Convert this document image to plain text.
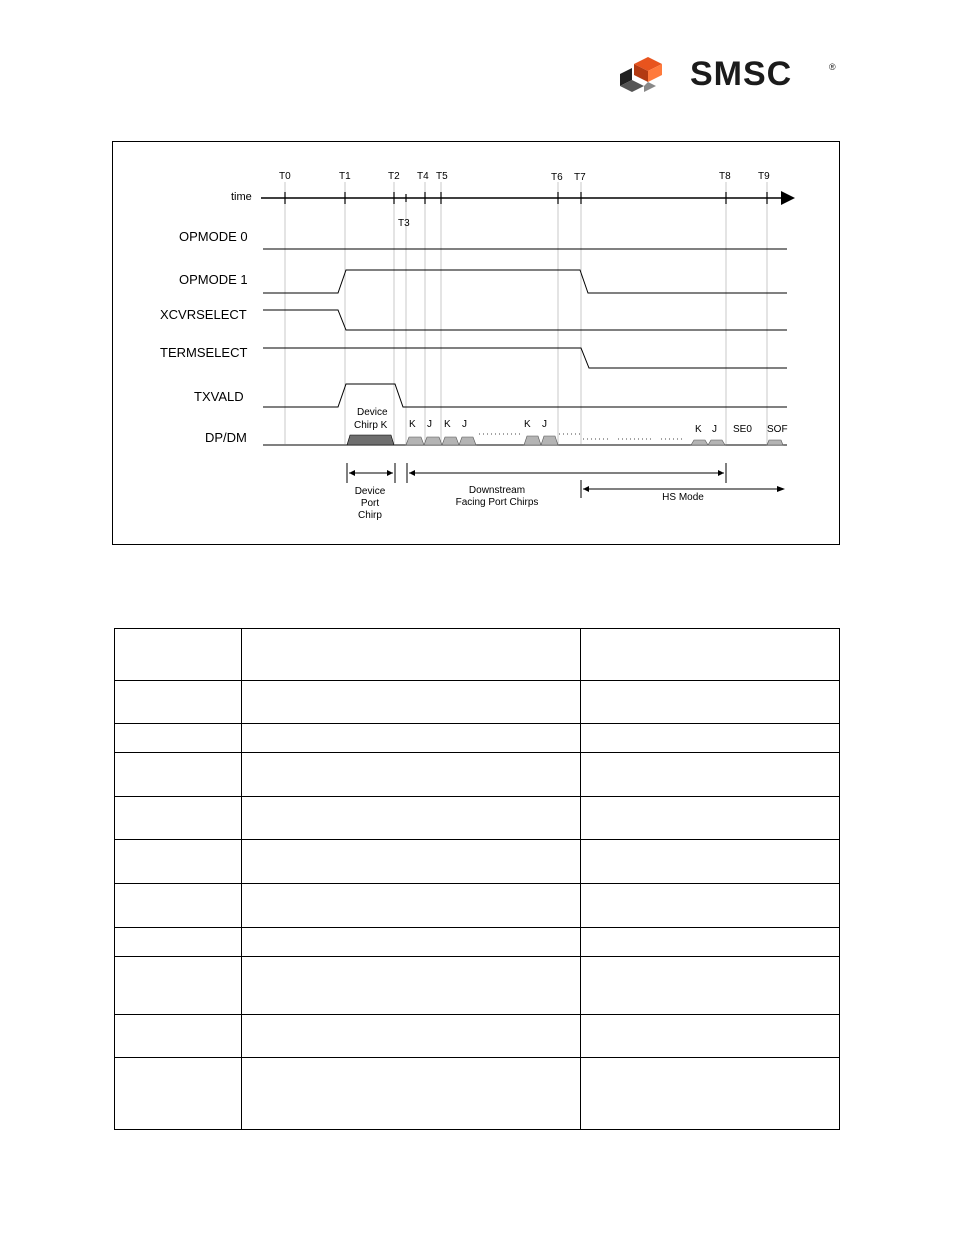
SMSC	®
time
T0	T1	T2
T3
T4 T5	T6 T7	T8	T9
OPMODE 0
OPMODE 1
XCVRSELECT
TERMSELECT
TXVALD
DP/DM
Device
Chirp K K J K J	K J	K J SE0 SOF
Device
Port
Chirp
Downstream
Facing Port Chirps	HS Mode
